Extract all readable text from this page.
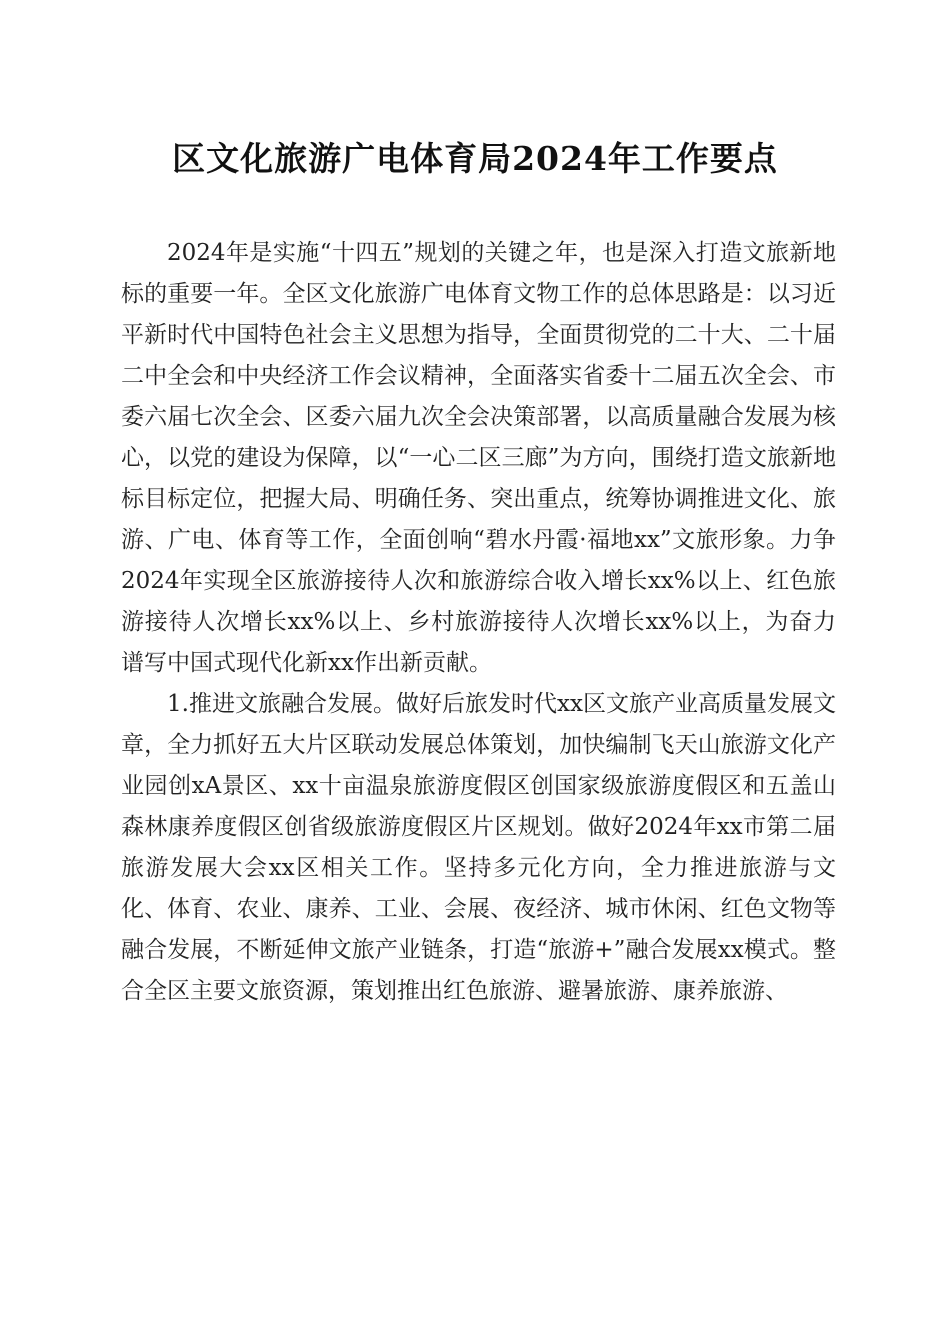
区文化旅游广电体育局2024年工作要点

2024年是实施“十四五”规划的关键之年，也是深入打造文旅新地标的重要一年。全区文化旅游广电体育文物工作的总体思路是：以习近平新时代中国特色社会主义思想为指导，全面贯彻党的二十大、二十届二中全会和中央经济工作会议精神，全面落实省委十二届五次全会、市委六届七次全会、区委六届九次全会决策部署，以高质量融合发展为核心，以党的建设为保障，以“一心二区三廊”为方向，围绕打造文旅新地标目标定位，把握大局、明确任务、突出重点，统筹协调推进文化、旅游、广电、体育等工作，全面创响“碧水丹霞·福地xx”文旅形象。力争2024年实现全区旅游接待人次和旅游综合收入增长xx%以上、红色旅游接待人次增长xx%以上、乡村旅游接待人次增长xx%以上，为奋力谱写中国式现代化新xx作出新贡献。

1.推进文旅融合发展。做好后旅发时代xx区文旅产业高质量发展文章，全力抓好五大片区联动发展总体策划，加快编制飞天山旅游文化产业园创xA景区、xx十亩温泉旅游度假区创国家级旅游度假区和五盖山森林康养度假区创省级旅游度假区片区规划。做好2024年xx市第二届旅游发展大会xx区相关工作。坚持多元化方向，全力推进旅游与文化、体育、农业、康养、工业、会展、夜经济、城市休闲、红色文物等融合发展，不断延伸文旅产业链条，打造“旅游+”融合发展xx模式。整合全区主要文旅资源，策划推出红色旅游、避暑旅游、康养旅游、
